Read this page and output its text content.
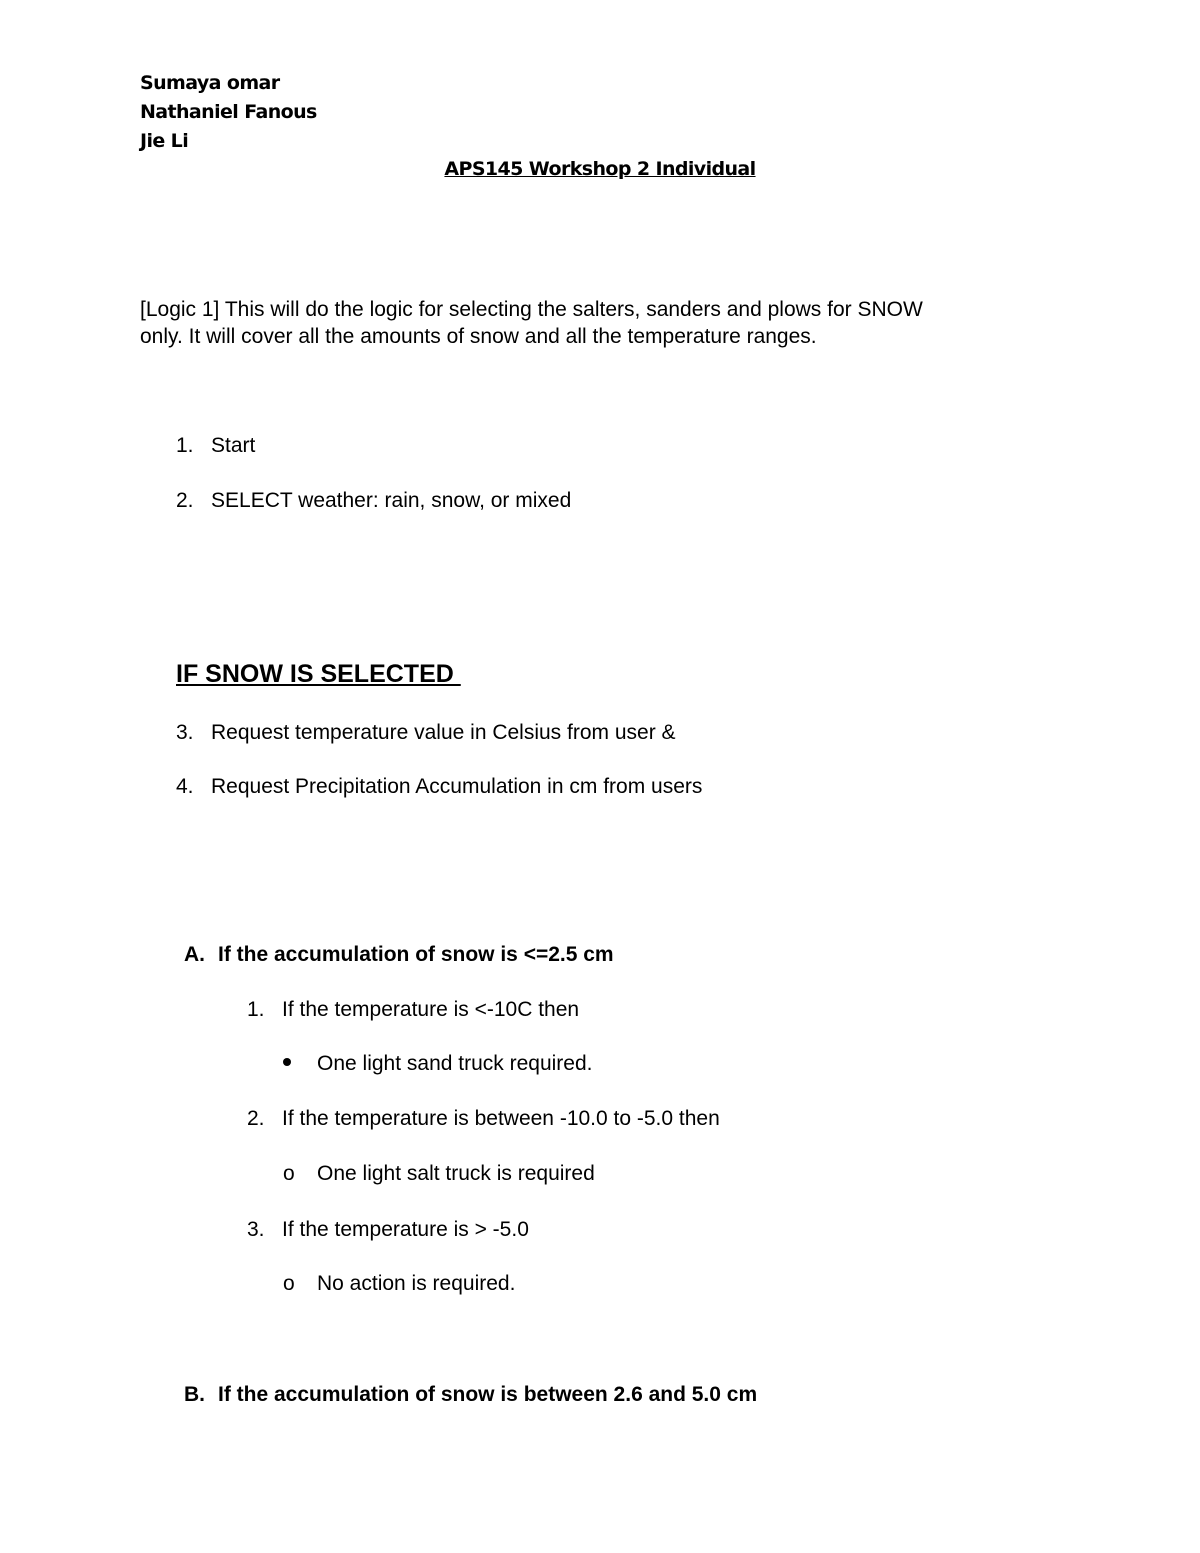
Sumaya omar
Nathaniel Fanous
Jie Li
APS145 Workshop 2 Individual
[Logic 1] This will do the logic for selecting the salters, sanders and plows for SNOW
only. It will cover all the amounts of snow and all the temperature ranges.
1. Start
2. SELECT weather: rain, snow, or mixed
IF SNOW IS SELECTED
3. Request temperature value in Celsius from user &
4. Request Precipitation Accumulation in cm from users
A. If the accumulation of snow is <=2.5 cm
1. If the temperature is <-10C then
One light sand truck required.
2. If the temperature is between -10.0 to -5.0 then
o One light salt truck is required
3. If the temperature is > -5.0
o No action is required.
B. If the accumulation of snow is between 2.6 and 5.0 cm
